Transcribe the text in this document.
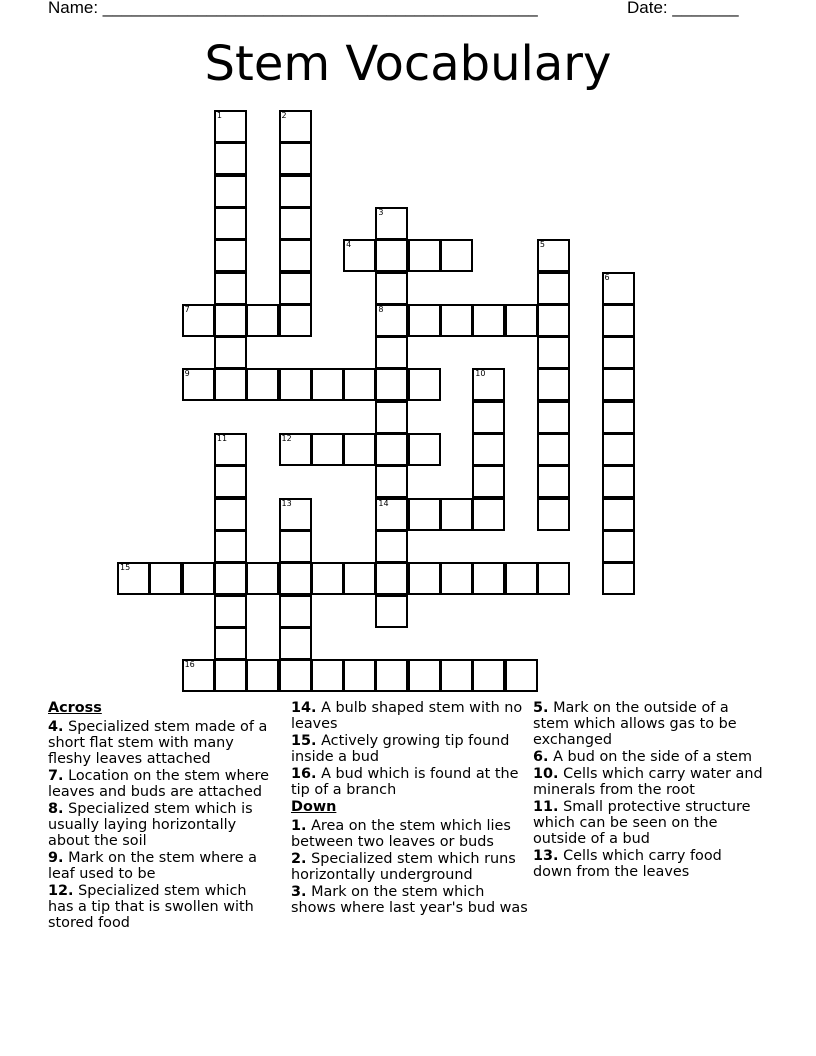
Name: ______________________________________________	Date: _______
Stem Vocabulary
1	2
3
8
14
4	5
6
7
9	10
11	12
13
15
16
Across
4. Specialized stem made of a short flat stem with many fleshy leaves attached
7. Location on the stem where leaves and buds are attached
8. Specialized stem which is usually laying horizontally about the soil
9. Mark on the stem where a leaf used to be
12. Specialized stem which has a tip that is swollen with stored food
14. A bulb shaped stem with no leaves
15. Actively growing tip found inside a bud
16. A bud which is found at the tip of a branch
Down
1. Area on the stem which lies between two leaves or buds
2. Specialized stem which runs horizontally underground
3. Mark on the stem which shows where last year's bud was
5. Mark on the outside of a stem which allows gas to be exchanged
6. A bud on the side of a stem
10. Cells which carry water and minerals from the root
11. Small protective structure which can be seen on the outside of a bud
13. Cells which carry food down from the leaves
